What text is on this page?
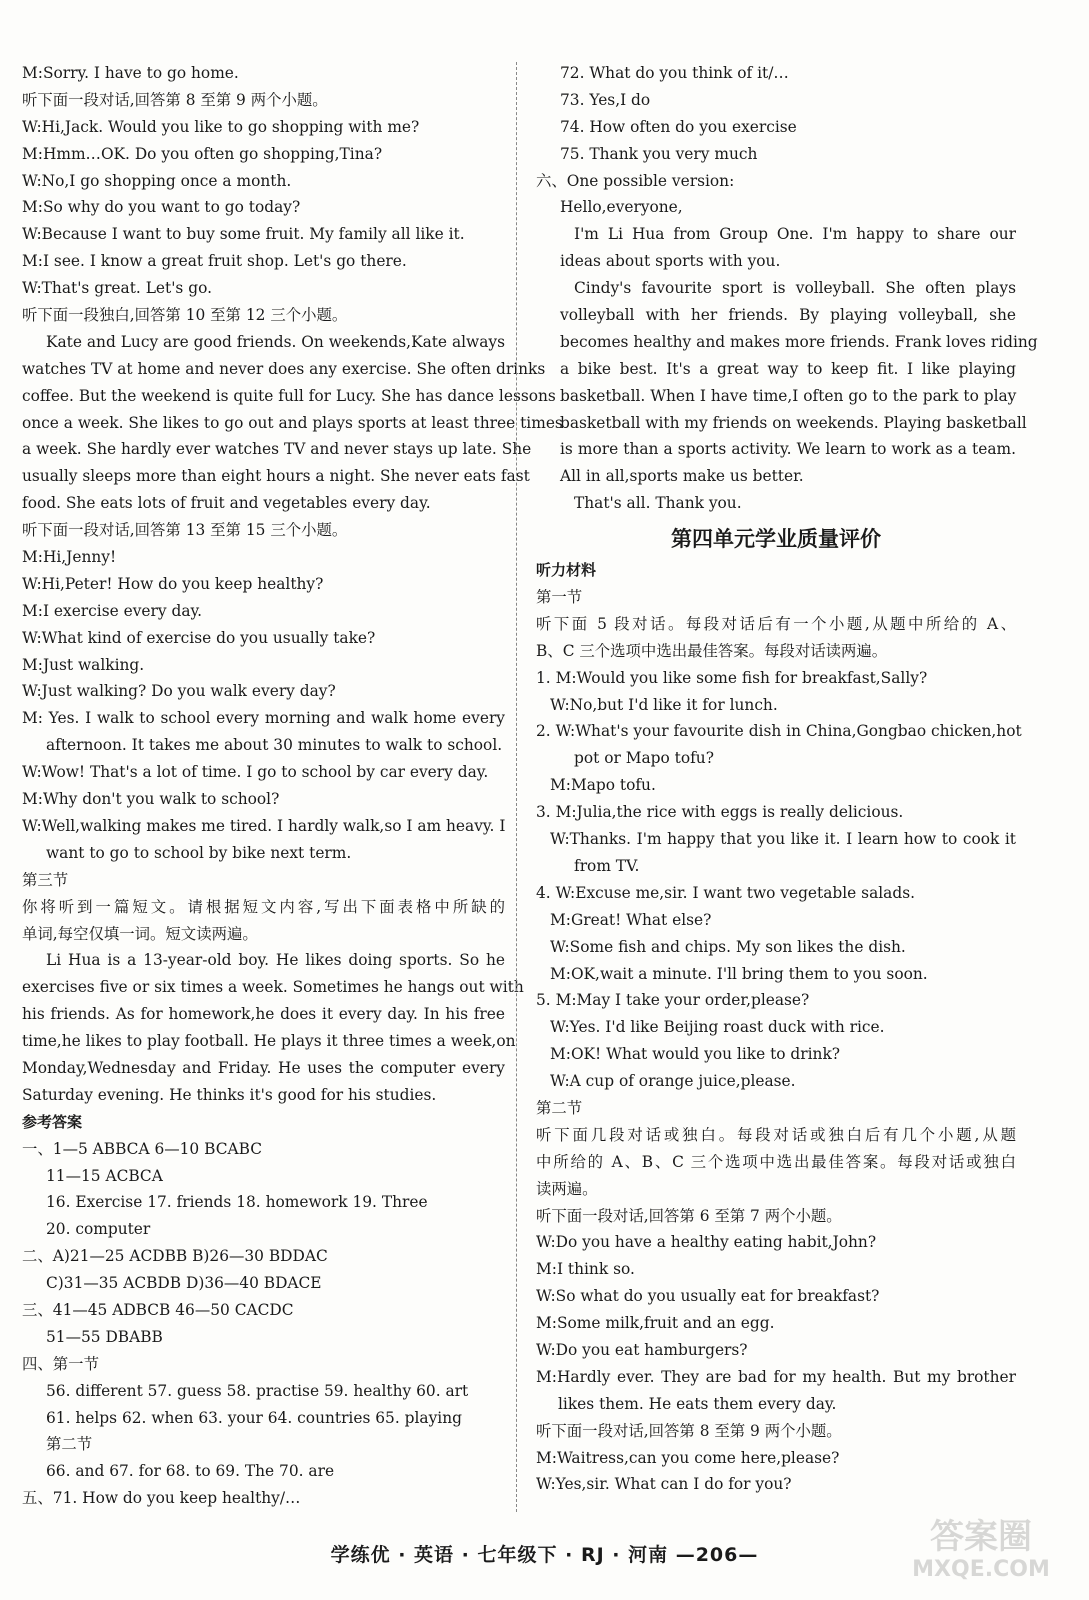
M:Sorry. I have to go home.
听下面一段对话,回答第 8 至第 9 两个小题。
W:Hi,Jack. Would you like to go shopping with me?
M:Hmm…OK. Do you often go shopping,Tina?
W:No,I go shopping once a month.
M:So why do you want to go today?
W:Because I want to buy some fruit. My family all like it.
M:I see. I know a great fruit shop. Let's go there.
W:That's great. Let's go.
听下面一段独白,回答第 10 至第 12 三个小题。
Kate and Lucy are good friends. On weekends,Kate always
watches TV at home and never does any exercise. She often drinks
coffee. But the weekend is quite full for Lucy. She has dance lessons
once a week. She likes to go out and plays sports at least three times
a week. She hardly ever watches TV and never stays up late. She
usually sleeps more than eight hours a night. She never eats fast
food. She eats lots of fruit and vegetables every day.
听下面一段对话,回答第 13 至第 15 三个小题。
M:Hi,Jenny!
W:Hi,Peter! How do you keep healthy?
M:I exercise every day.
W:What kind of exercise do you usually take?
M:Just walking.
W:Just walking? Do you walk every day?
M: Yes. I walk to school every morning and walk home every
afternoon. It takes me about 30 minutes to walk to school.
W:Wow! That's a lot of time. I go to school by car every day.
M:Why don't you walk to school?
W:Well,walking makes me tired. I hardly walk,so I am heavy. I
want to go to school by bike next term.
第三节
你将听到一篇短文。请根据短文内容,写出下面表格中所缺的
单词,每空仅填一词。短文读两遍。
Li Hua is a 13-year-old boy. He likes doing sports. So he
exercises five or six times a week. Sometimes he hangs out with
his friends. As for homework,he does it every day. In his free
time,he likes to play football. He plays it three times a week,on
Monday,Wednesday and Friday. He uses the computer every
Saturday evening. He thinks it's good for his studies.
参考答案
一、1—5 ABBCA 6—10 BCABC
11—15 ACBCA
16. Exercise 17. friends 18. homework 19. Three
20. computer
二、A)21—25 ACDBB B)26—30 BDDAC
C)31—35 ACBDB D)36—40 BDACE
三、41—45 ADBCB 46—50 CACDC
51—55 DBABB
四、第一节
56. different 57. guess 58. practise 59. healthy 60. art
61. helps 62. when 63. your 64. countries 65. playing
第二节
66. and 67. for 68. to 69. The 70. are
五、71. How do you keep healthy/…
72. What do you think of it/…
73. Yes,I do
74. How often do you exercise
75. Thank you very much
六、One possible version:
Hello,everyone,
I'm Li Hua from Group One. I'm happy to share our
ideas about sports with you.
Cindy's favourite sport is volleyball. She often plays
volleyball with her friends. By playing volleyball, she
becomes healthy and makes more friends. Frank loves riding
a bike best. It's a great way to keep fit. I like playing
basketball. When I have time,I often go to the park to play
basketball with my friends on weekends. Playing basketball
is more than a sports activity. We learn to work as a team.
All in all,sports make us better.
That's all. Thank you.
第四单元学业质量评价
听力材料
第一节
听下面 5 段对话。每段对话后有一个小题,从题中所给的 A、
B、C 三个选项中选出最佳答案。每段对话读两遍。
1. M:Would you like some fish for breakfast,Sally?
W:No,but I'd like it for lunch.
2. W:What's your favourite dish in China,Gongbao chicken,hot
pot or Mapo tofu?
M:Mapo tofu.
3. M:Julia,the rice with eggs is really delicious.
W:Thanks. I'm happy that you like it. I learn how to cook it
from TV.
4. W:Excuse me,sir. I want two vegetable salads.
M:Great! What else?
W:Some fish and chips. My son likes the dish.
M:OK,wait a minute. I'll bring them to you soon.
5. M:May I take your order,please?
W:Yes. I'd like Beijing roast duck with rice.
M:OK! What would you like to drink?
W:A cup of orange juice,please.
第二节
听下面几段对话或独白。每段对话或独白后有几个小题,从题
中所给的 A、B、C 三个选项中选出最佳答案。每段对话或独白
读两遍。
听下面一段对话,回答第 6 至第 7 两个小题。
W:Do you have a healthy eating habit,John?
M:I think so.
W:So what do you usually eat for breakfast?
M:Some milk,fruit and an egg.
W:Do you eat hamburgers?
M:Hardly ever. They are bad for my health. But my brother
likes them. He eats them every day.
听下面一段对话,回答第 8 至第 9 两个小题。
M:Waitress,can you come here,please?
W:Yes,sir. What can I do for you?
学练优 · 英语 · 七年级下 · RJ · 河南 —206—	答案圈
MXQE.COM
